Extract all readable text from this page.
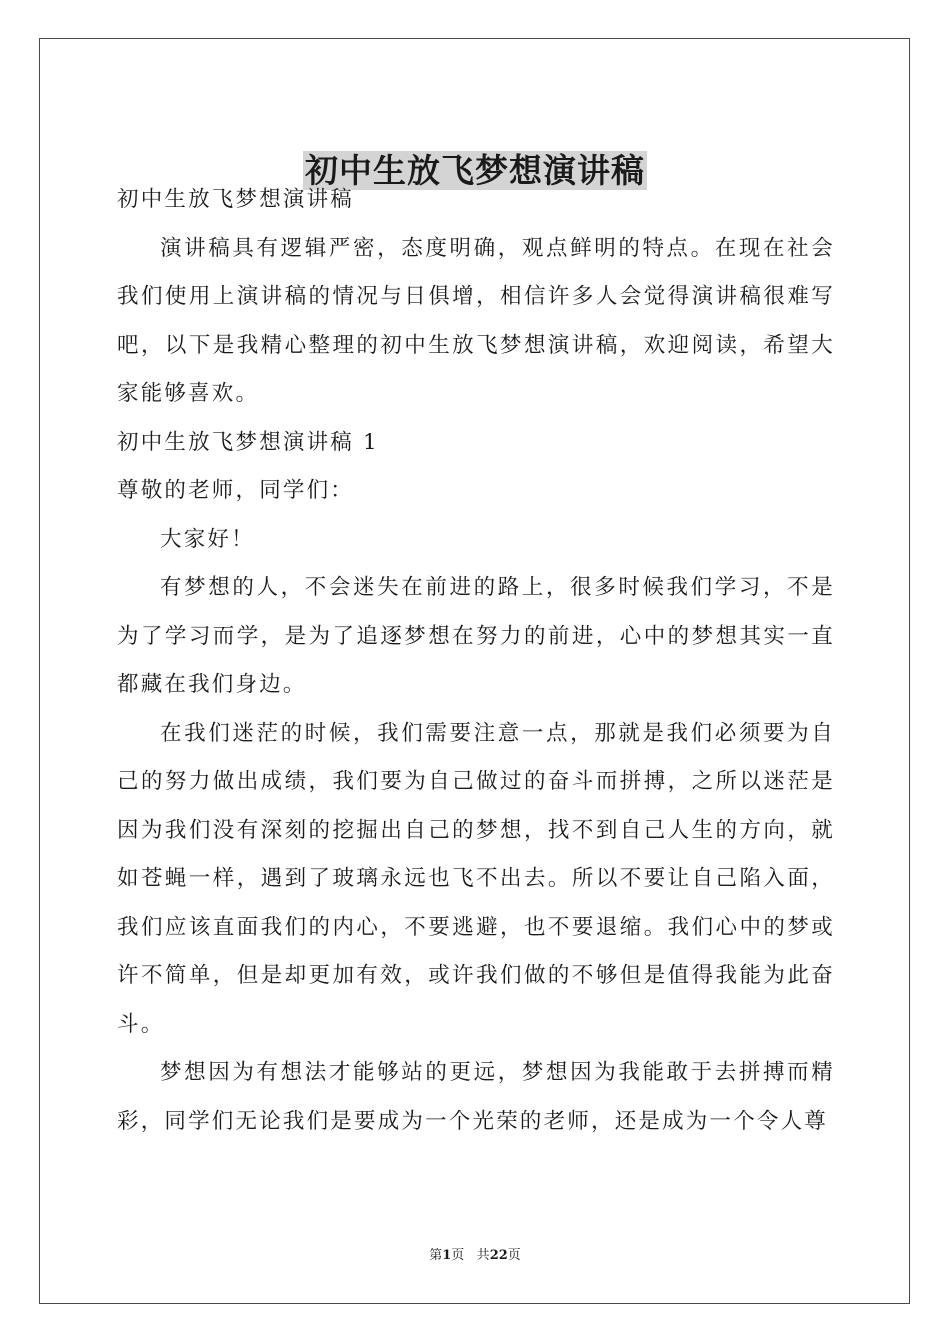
初中生放飞梦想演讲稿

初中生放飞梦想演讲稿

演讲稿具有逻辑严密，态度明确，观点鲜明的特点。在现在社会我们使用上演讲稿的情况与日俱增，相信许多人会觉得演讲稿很难写吧，以下是我精心整理的初中生放飞梦想演讲稿，欢迎阅读，希望大家能够喜欢。

初中生放飞梦想演讲稿 1

尊敬的老师，同学们：

大家好！

有梦想的人，不会迷失在前进的路上，很多时候我们学习，不是为了学习而学，是为了追逐梦想在努力的前进，心中的梦想其实一直都藏在我们身边。

在我们迷茫的时候，我们需要注意一点，那就是我们必须要为自己的努力做出成绩，我们要为自己做过的奋斗而拼搏，之所以迷茫是因为我们没有深刻的挖掘出自己的梦想，找不到自己人生的方向，就如苍蝇一样，遇到了玻璃永远也飞不出去。所以不要让自己陷入面，我们应该直面我们的内心，不要逃避，也不要退缩。我们心中的梦或许不简单，但是却更加有效，或许我们做的不够但是值得我能为此奋斗。

梦想因为有想法才能够站的更远，梦想因为我能敢于去拼搏而精彩，同学们无论我们是要成为一个光荣的老师，还是成为一个令人尊

第1页 共22页
